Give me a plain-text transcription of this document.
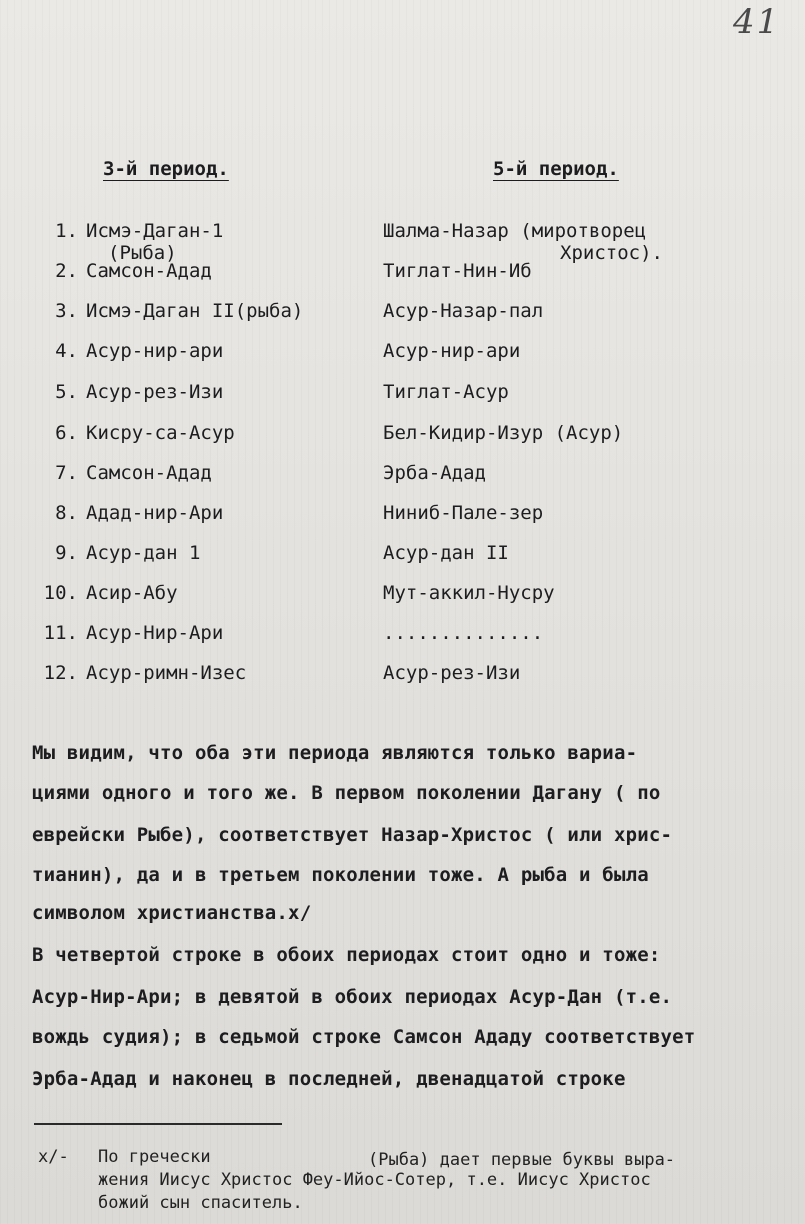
41
3-й период.	5-й период.
1. Исмэ-Даган-1	Шалма-Назар (миротворец
(Рыба)	Христос).
2. Самсон-Адад	Тиглат-Нин-Иб
3. Исмэ-Даган II(рыба)	Асур-Назар-пал
4. Асур-нир-ари	Асур-нир-ари
5. Асур-рез-Изи	Тиглат-Асур
6. Кисру-са-Асур	Бел-Кидир-Изур (Асур)
7. Самсон-Адад	Эрба-Адад
8. Адад-нир-Ари	Ниниб-Пале-зер
9. Асур-дан 1	Асур-дан II
10. Асир-Абу	Мут-аккил-Нусру
11. Асур-Нир-Ари	..............
12. Асур-римн-Изес	Асур-рез-Изи
Мы видим, что оба эти периода являются только вариа-
циями одного и того же. В первом поколении Дагану ( по
еврейски Рыбе), соответствует Назар-Христос ( или хрис-
тианин), да и в третьем поколении тоже. А рыба и была
символом христианства.x/
В четвертой строке в обоих периодах стоит одно и тоже:
Асур-Нир-Ари; в девятой в обоих периодах Асур-Дан (т.е.
вождь судия); в седьмой строке Самсон Ададу соответствует
Эрба-Адад и наконец в последней, двенадцатой строке
x/- По гречески	(Рыба) дает первые буквы выра-
жения Иисус Христос Феу-Ийос-Сотер, т.е. Иисус Христос
божий сын спаситель.
